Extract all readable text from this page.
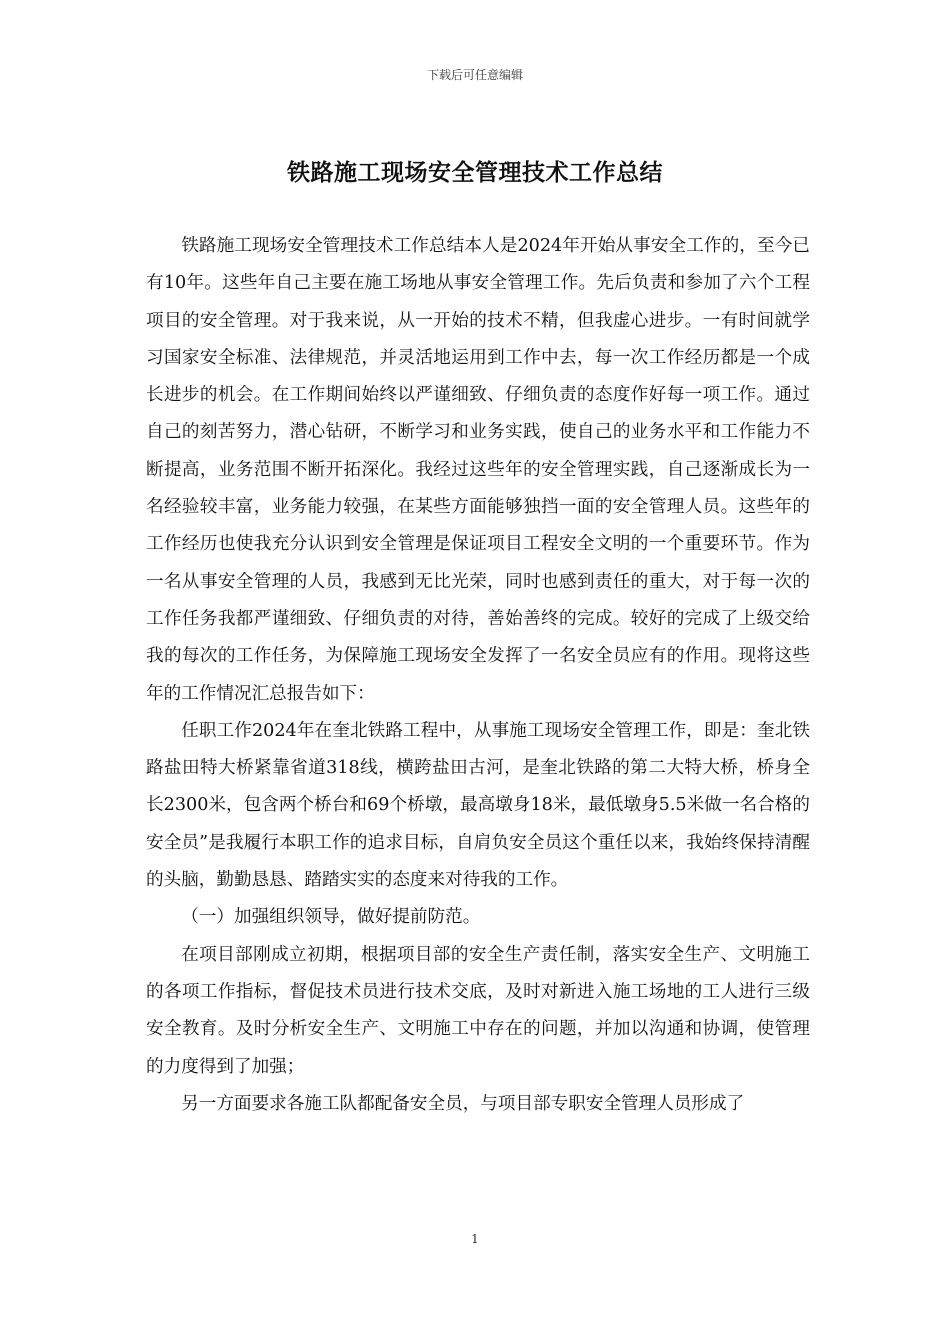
下载后可任意编辑
铁路施工现场安全管理技术工作总结

铁路施工现场安全管理技术工作总结本人是2024年开始从事安全工作的，至今已有10年。这些年自己主要在施工场地从事安全管理工作。先后负责和参加了六个工程项目的安全管理。对于我来说，从一开始的技术不精，但我虚心进步。一有时间就学习国家安全标准、法律规范，并灵活地运用到工作中去，每一次工作经历都是一个成长进步的机会。在工作期间始终以严谨细致、仔细负责的态度作好每一项工作。通过自己的刻苦努力，潜心钻研，不断学习和业务实践，使自己的业务水平和工作能力不断提高，业务范围不断开拓深化。我经过这些年的安全管理实践，自己逐渐成长为一名经验较丰富，业务能力较强，在某些方面能够独挡一面的安全管理人员。这些年的工作经历也使我充分认识到安全管理是保证项目工程安全文明的一个重要环节。作为一名从事安全管理的人员，我感到无比光荣，同时也感到责任的重大，对于每一次的工作任务我都严谨细致、仔细负责的对待，善始善终的完成。较好的完成了上级交给我的每次的工作任务，为保障施工现场安全发挥了一名安全员应有的作用。现将这些年的工作情况汇总报告如下：

任职工作2024年在奎北铁路工程中，从事施工现场安全管理工作，即是：奎北铁路盐田特大桥紧靠省道318线，横跨盐田古河，是奎北铁路的第二大特大桥，桥身全长2300米，包含两个桥台和69个桥墩，最高墩身18米，最低墩身5.5米做一名合格的安全员”是我履行本职工作的追求目标，自肩负安全员这个重任以来，我始终保持清醒的头脑，勤勤恳恳、踏踏实实的态度来对待我的工作。

（一）加强组织领导，做好提前防范。

在项目部刚成立初期，根据项目部的安全生产责任制，落实安全生产、文明施工的各项工作指标，督促技术员进行技术交底，及时对新进入施工场地的工人进行三级安全教育。及时分析安全生产、文明施工中存在的问题，并加以沟通和协调，使管理的力度得到了加强；

另一方面要求各施工队都配备安全员，与项目部专职安全管理人员形成了

1
